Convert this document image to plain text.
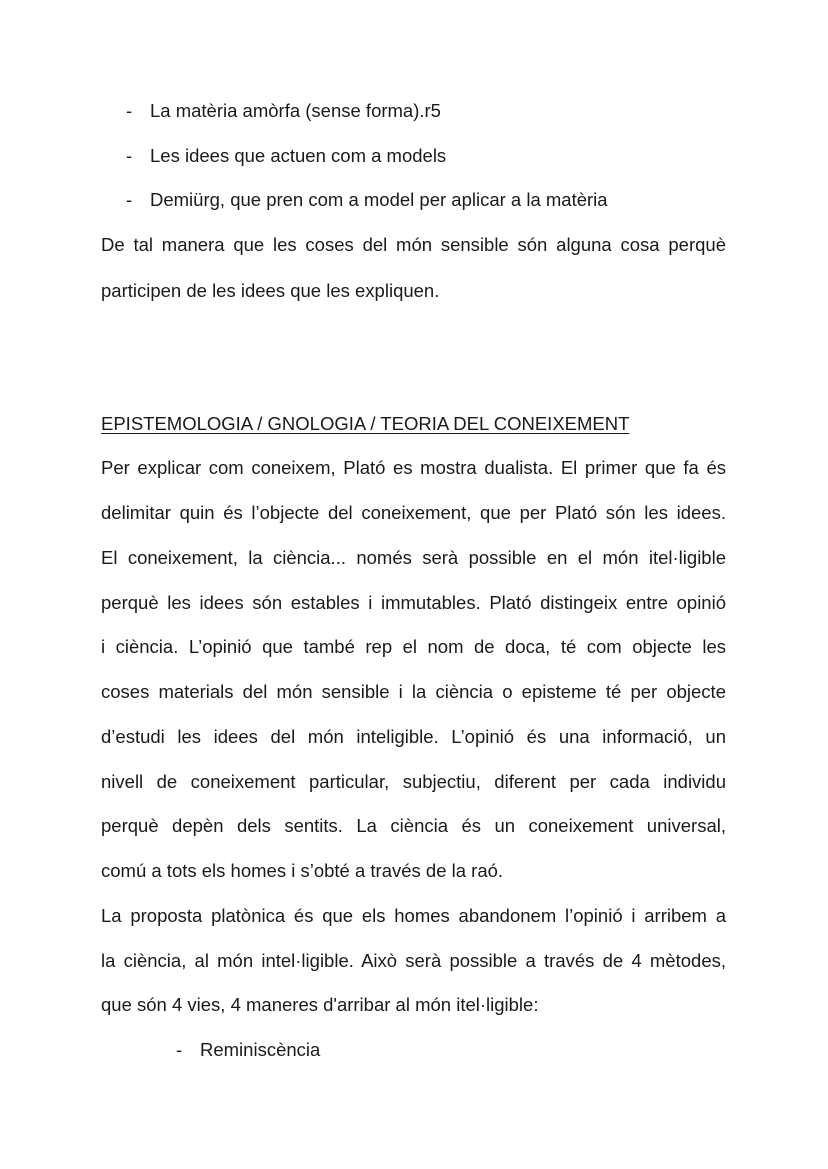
- La matèria amòrfa (sense forma).r5
- Les idees que actuen com a models
- Demiürg, que pren com a model per aplicar a la matèria
De tal manera que les coses del món sensible són alguna cosa perquè
participen de les idees que les expliquen.
EPISTEMOLOGIA / GNOLOGIA / TEORIA DEL CONEIXEMENT
Per explicar com coneixem, Plató es mostra dualista. El primer que fa és
delimitar quin és l’objecte del coneixement, que per Plató són les idees.
El coneixement, la ciència... només serà possible en el món itel·ligible
perquè les idees són estables i immutables. Plató distingeix entre opinió
i ciència. L’opinió que també rep el nom de doca, té com objecte les
coses materials del món sensible i la ciència o episteme té per objecte
d’estudi les idees del món inteligible. L’opinió és una informació, un
nivell de coneixement particular, subjectiu, diferent per cada individu
perquè depèn dels sentits. La ciència és un coneixement universal,
comú a tots els homes i s’obté a través de la raó.
La proposta platònica és que els homes abandonem l’opinió i arribem a
la ciència, al món intel·ligible. Això serà possible a través de 4 mètodes,
que són 4 vies, 4 maneres d'arribar al món itel·ligible:
- Reminiscència
